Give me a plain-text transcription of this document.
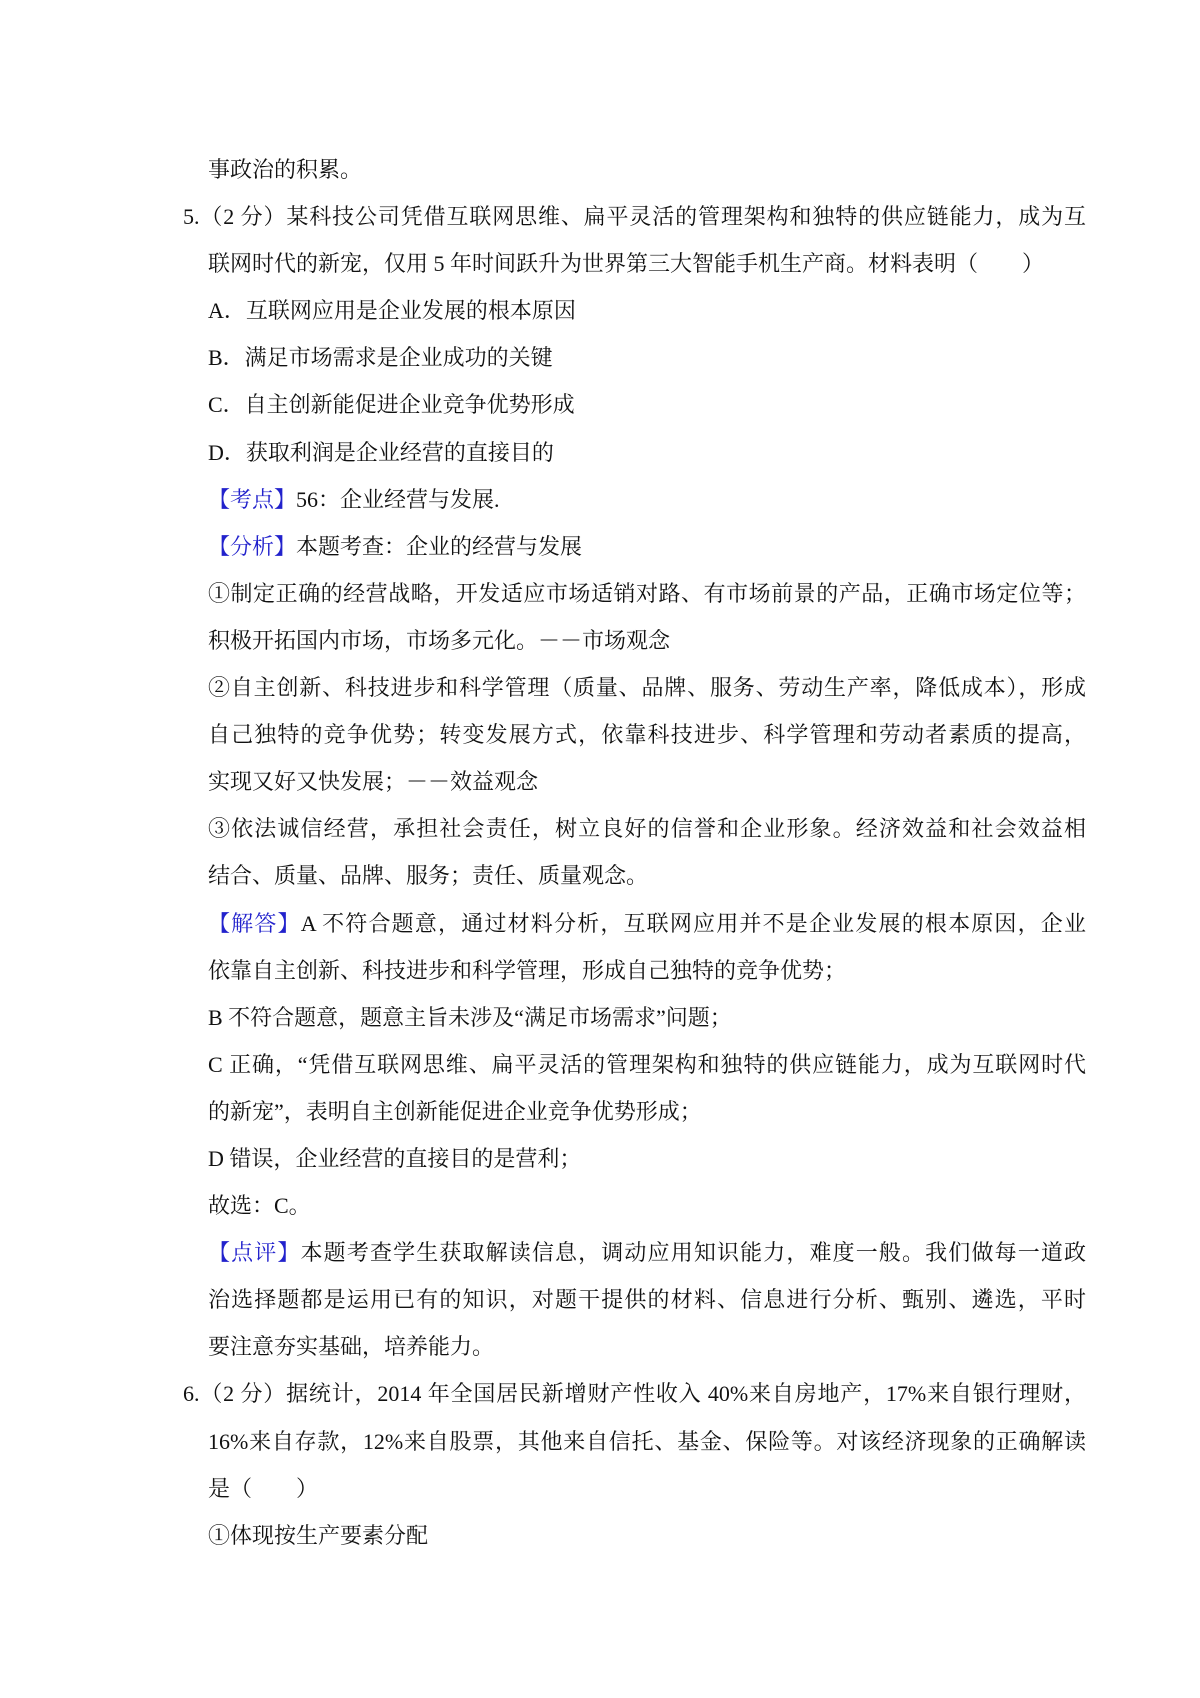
事政治的积累。
5.（2 分）某科技公司凭借互联网思维、扁平灵活的管理架构和独特的供应链能力，成为互
联网时代的新宠，仅用 5 年时间跃升为世界第三大智能手机生产商。材料表明（　　）
A．互联网应用是企业发展的根本原因
B．满足市场需求是企业成功的关键
C．自主创新能促进企业竞争优势形成
D．获取利润是企业经营的直接目的
【考点】56：企业经营与发展.
【分析】本题考查：企业的经营与发展
①制定正确的经营战略，开发适应市场适销对路、有市场前景的产品，正确市场定位等；
积极开拓国内市场，市场多元化。－－市场观念
②自主创新、科技进步和科学管理（质量、品牌、服务、劳动生产率，降低成本），形成
自己独特的竞争优势；转变发展方式，依靠科技进步、科学管理和劳动者素质的提高，
实现又好又快发展；－－效益观念
③依法诚信经营，承担社会责任，树立良好的信誉和企业形象。经济效益和社会效益相
结合、质量、品牌、服务；责任、质量观念。
【解答】A 不符合题意，通过材料分析，互联网应用并不是企业发展的根本原因，企业
依靠自主创新、科技进步和科学管理，形成自己独特的竞争优势；
B 不符合题意，题意主旨未涉及“满足市场需求”问题；
C 正确，“凭借互联网思维、扁平灵活的管理架构和独特的供应链能力，成为互联网时代
的新宠”，表明自主创新能促进企业竞争优势形成；
D 错误，企业经营的直接目的是营利；
故选：C。
【点评】本题考查学生获取解读信息，调动应用知识能力，难度一般。我们做每一道政
治选择题都是运用已有的知识，对题干提供的材料、信息进行分析、甄别、遴选，平时
要注意夯实基础，培养能力。
6.（2 分）据统计，2014 年全国居民新增财产性收入 40%来自房地产，17%来自银行理财，
16%来自存款，12%来自股票，其他来自信托、基金、保险等。对该经济现象的正确解读
是（　　）
①体现按生产要素分配
